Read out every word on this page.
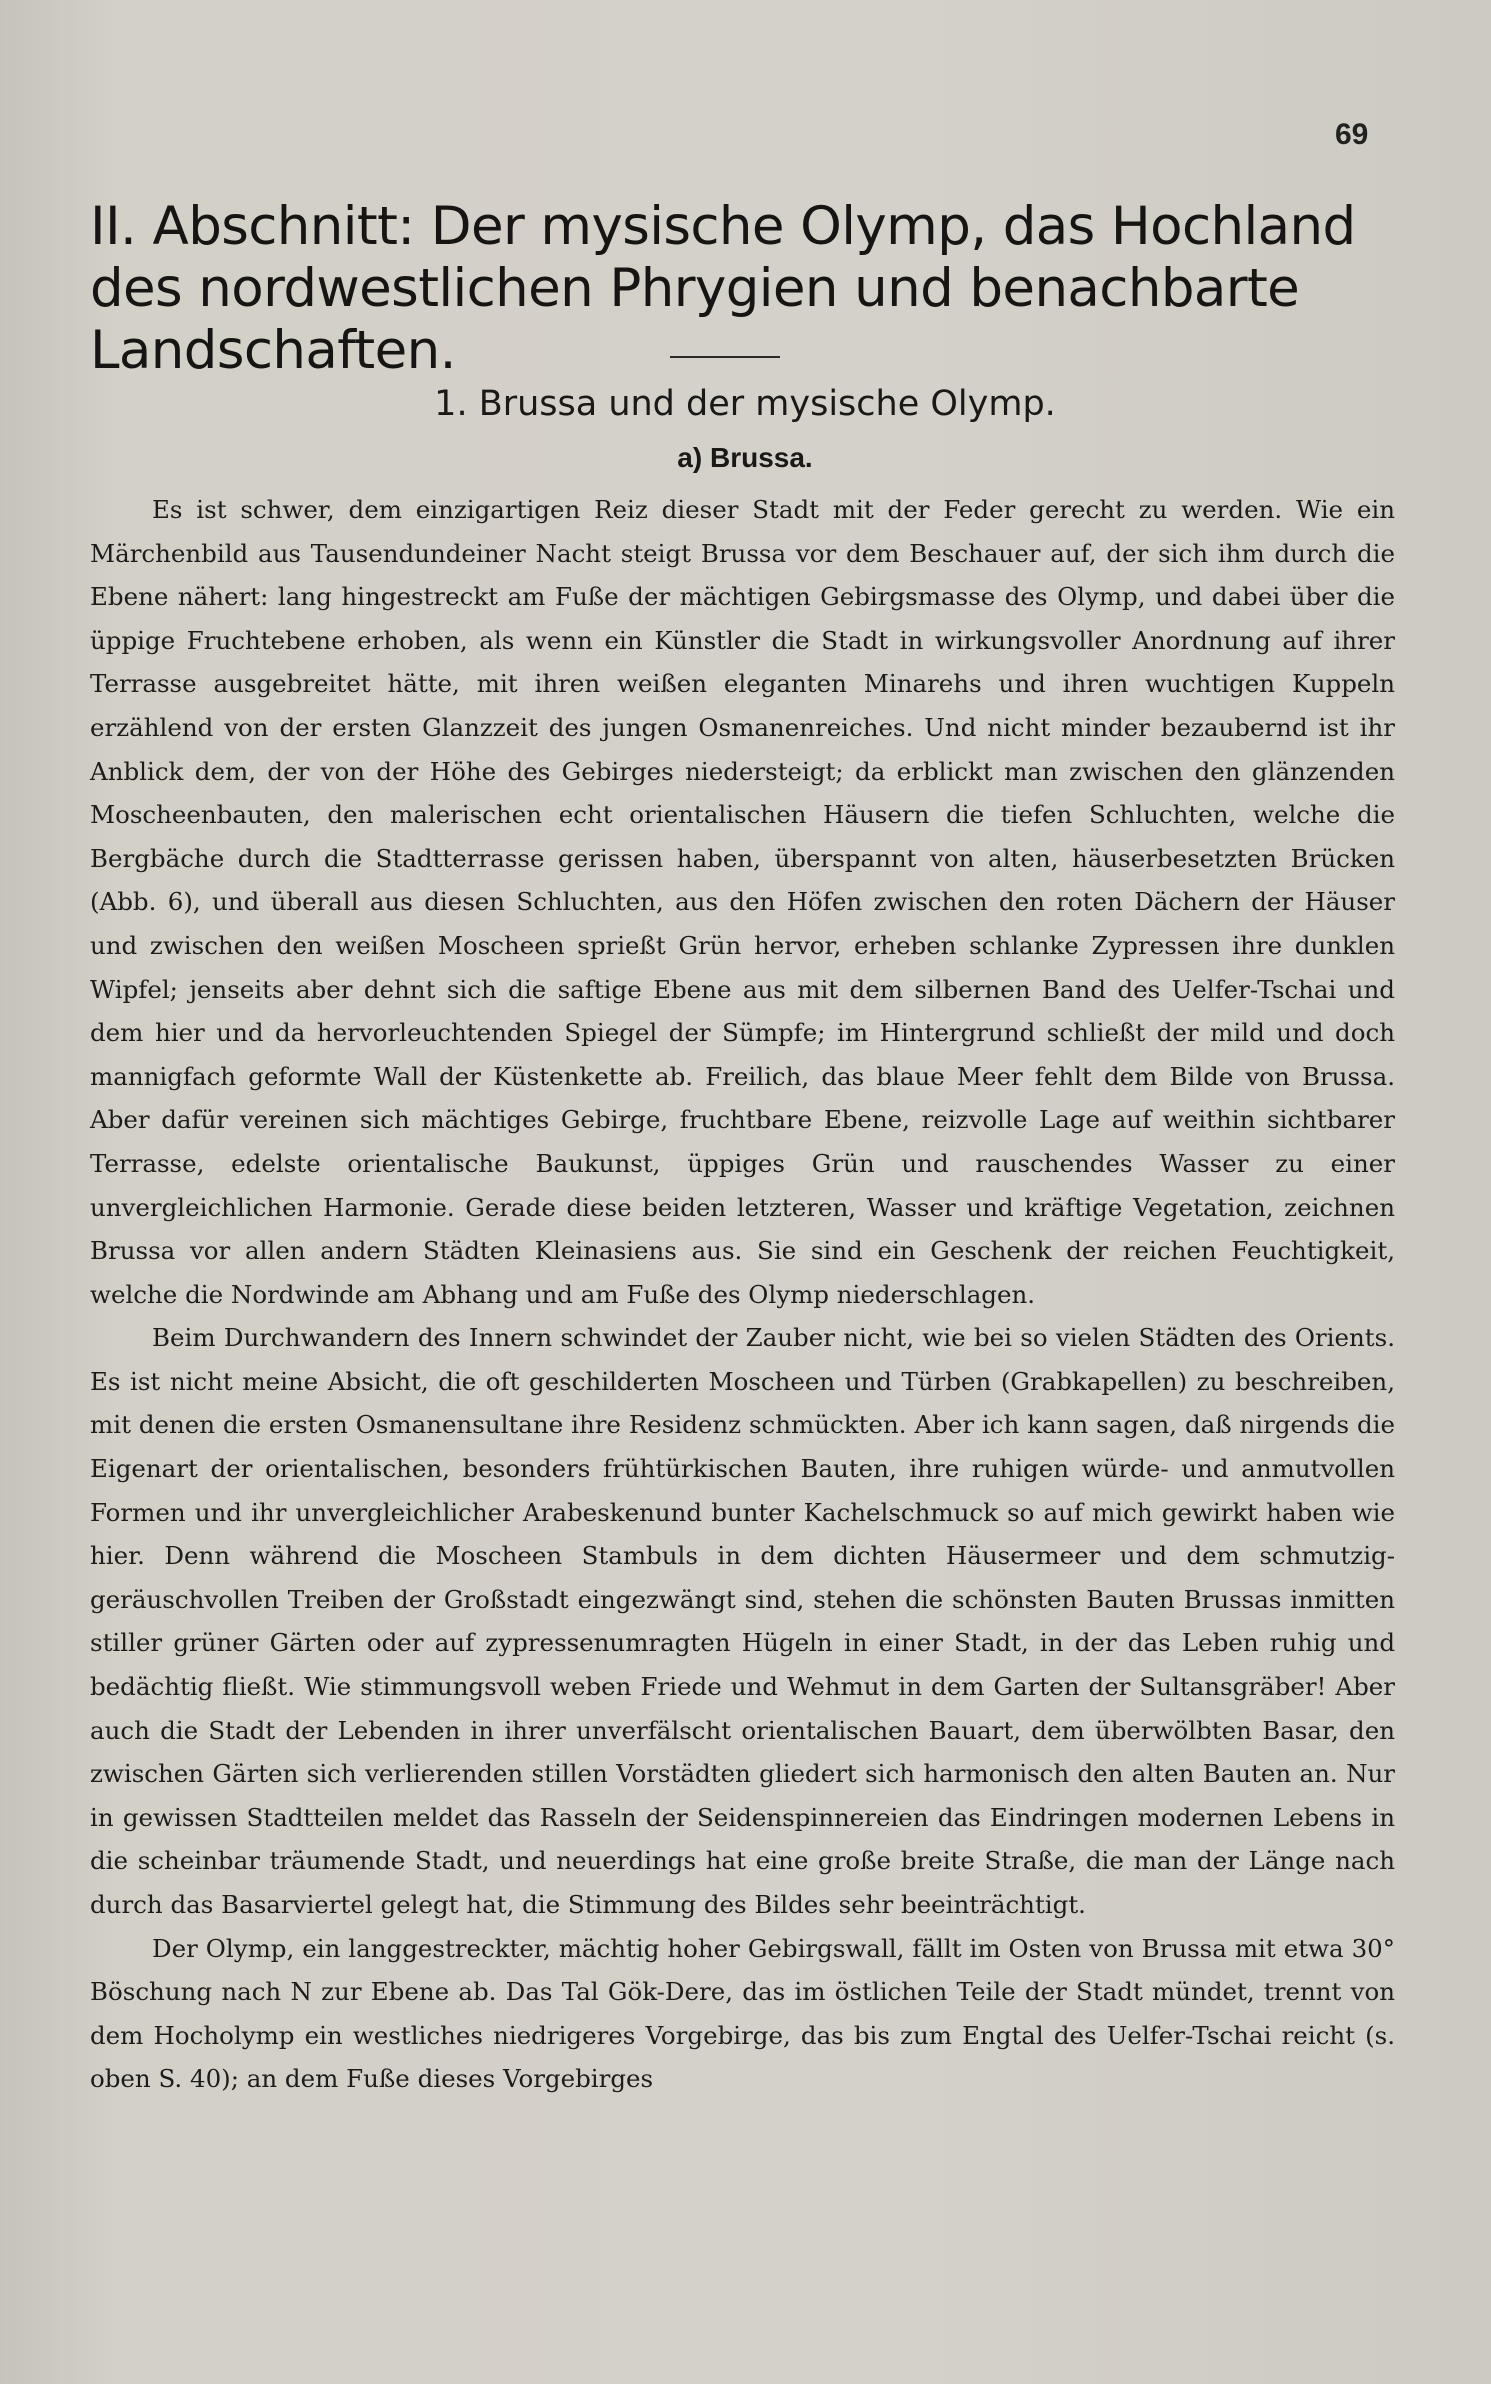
69
II. Abschnitt: Der mysische Olymp, das Hochland des nordwestlichen Phrygien und benachbarte Landschaften.
1. Brussa und der mysische Olymp.
a) Brussa.

Es ist schwer, dem einzigartigen Reiz dieser Stadt mit der Feder gerecht zu werden. Wie ein Märchenbild aus Tausendundeiner Nacht steigt Brussa vor dem Beschauer auf, der sich ihm durch die Ebene nähert: lang hingestreckt am Fuße der mächtigen Gebirgsmasse des Olymp, und dabei über die üppige Fruchtebene erhoben, als wenn ein Künstler die Stadt in wirkungsvoller Anordnung auf ihrer Terrasse ausgebreitet hätte, mit ihren weißen eleganten Minarehs und ihren wuchtigen Kuppeln erzählend von der ersten Glanzzeit des jungen Osmanenreiches. Und nicht minder bezaubernd ist ihr Anblick dem, der von der Höhe des Gebirges niedersteigt; da erblickt man zwischen den glänzenden Moscheenbauten, den malerischen echt orientalischen Häusern die tiefen Schluchten, welche die Bergbäche durch die Stadtterrasse gerissen haben, überspannt von alten, häuserbesetzten Brücken (Abb. 6), und überall aus diesen Schluchten, aus den Höfen zwischen den roten Dächern der Häuser und zwischen den weißen Moscheen sprießt Grün hervor, erheben schlanke Zypressen ihre dunklen Wipfel; jenseits aber dehnt sich die saftige Ebene aus mit dem silbernen Band des Uelfer-Tschai und dem hier und da hervorleuchtenden Spiegel der Sümpfe; im Hintergrund schließt der mild und doch mannigfach geformte Wall der Küstenkette ab. Freilich, das blaue Meer fehlt dem Bilde von Brussa. Aber dafür vereinen sich mächtiges Gebirge, fruchtbare Ebene, reizvolle Lage auf weithin sichtbarer Terrasse, edelste orientalische Baukunst, üppiges Grün und rauschendes Wasser zu einer unvergleichlichen Harmonie. Gerade diese beiden letzteren, Wasser und kräftige Vegetation, zeichnen Brussa vor allen andern Städten Kleinasiens aus. Sie sind ein Geschenk der reichen Feuchtigkeit, welche die Nordwinde am Abhang und am Fuße des Olymp niederschlagen.

Beim Durchwandern des Innern schwindet der Zauber nicht, wie bei so vielen Städten des Orients. Es ist nicht meine Absicht, die oft geschilderten Moscheen und Türben (Grabkapellen) zu beschreiben, mit denen die ersten Osmanensultane ihre Residenz schmückten. Aber ich kann sagen, daß nirgends die Eigenart der orientalischen, besonders frühtürkischen Bauten, ihre ruhigen würde- und anmutvollen Formen und ihr unvergleichlicher Arabeskenund bunter Kachelschmuck so auf mich gewirkt haben wie hier. Denn während die Moscheen Stambuls in dem dichten Häusermeer und dem schmutzig-geräuschvollen Treiben der Großstadt eingezwängt sind, stehen die schönsten Bauten Brussas inmitten stiller grüner Gärten oder auf zypressenumragten Hügeln in einer Stadt, in der das Leben ruhig und bedächtig fließt. Wie stimmungsvoll weben Friede und Wehmut in dem Garten der Sultansgräber! Aber auch die Stadt der Lebenden in ihrer unverfälscht orientalischen Bauart, dem überwölbten Basar, den zwischen Gärten sich verlierenden stillen Vorstädten gliedert sich harmonisch den alten Bauten an. Nur in gewissen Stadtteilen meldet das Rasseln der Seidenspinnereien das Eindringen modernen Lebens in die scheinbar träumende Stadt, und neuerdings hat eine große breite Straße, die man der Länge nach durch das Basarviertel gelegt hat, die Stimmung des Bildes sehr beeinträchtigt.

Der Olymp, ein langgestreckter, mächtig hoher Gebirgswall, fällt im Osten von Brussa mit etwa 30° Böschung nach N zur Ebene ab. Das Tal Gök-Dere, das im östlichen Teile der Stadt mündet, trennt von dem Hocholymp ein westliches niedrigeres Vorgebirge, das bis zum Engtal des Uelfer-Tschai reicht (s. oben S. 40); an dem Fuße dieses Vorgebirges
